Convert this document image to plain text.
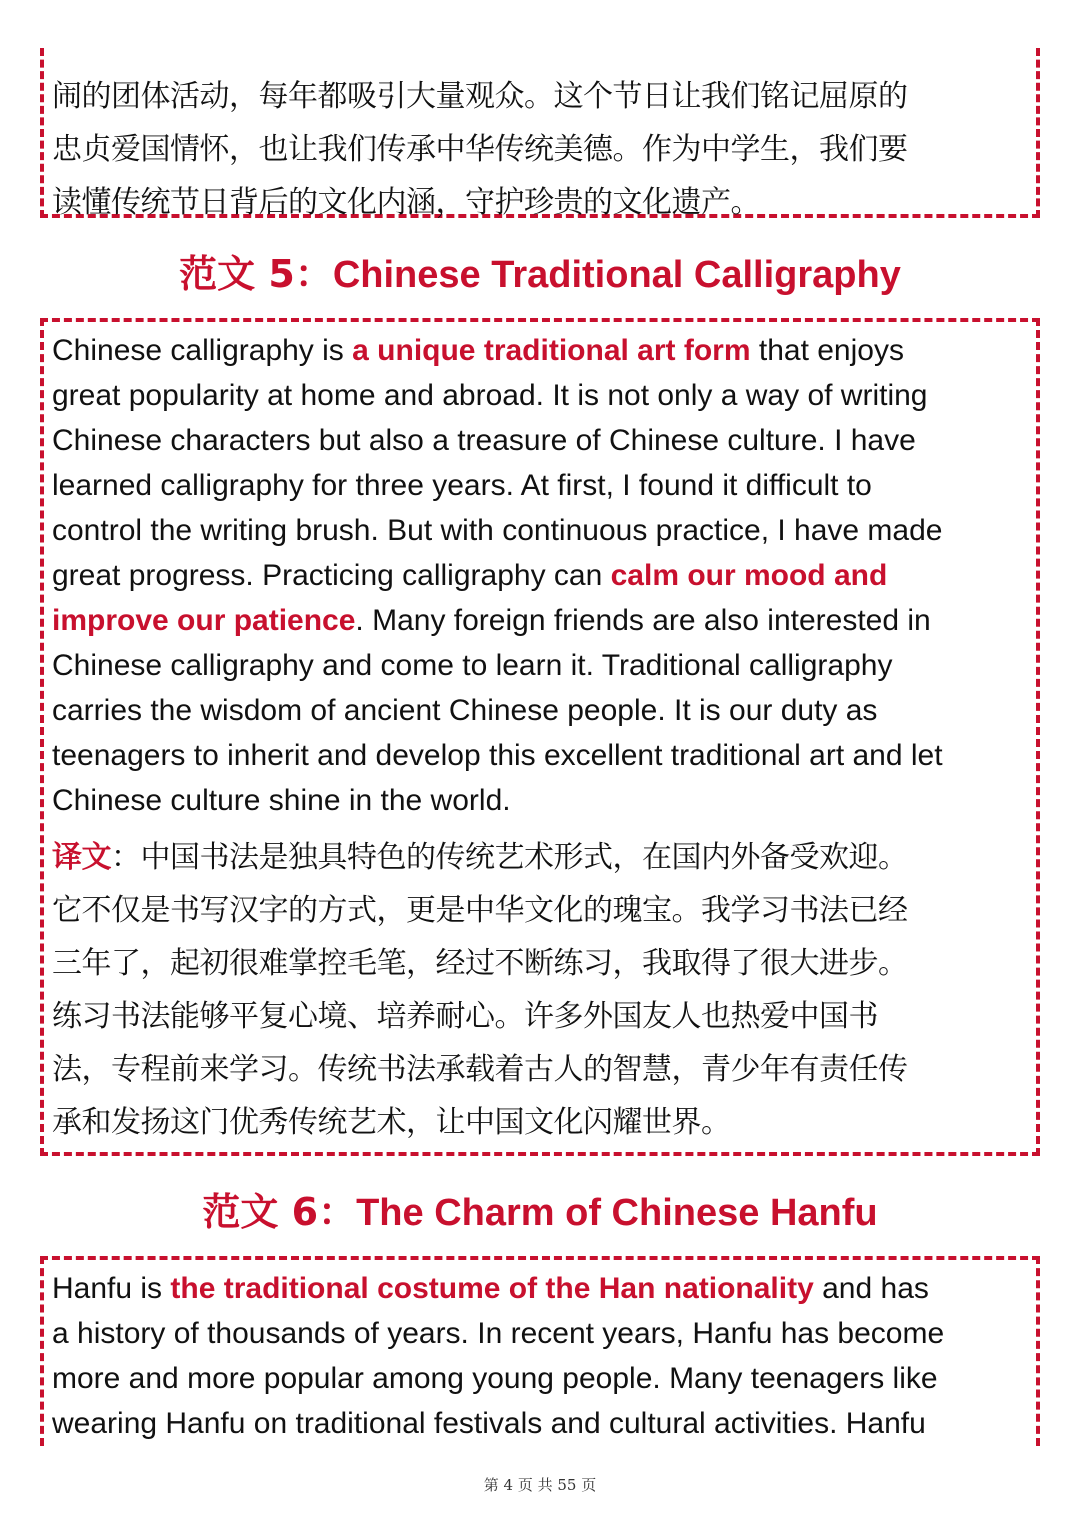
闹的团体活动，每年都吸引大量观众。这个节日让我们铭记屈原的
忠贞爱国情怀，也让我们传承中华传统美德。作为中学生，我们要
读懂传统节日背后的文化内涵，守护珍贵的文化遗产。
范文 5：Chinese Traditional Calligraphy
Chinese calligraphy is a unique traditional art form that enjoys
great popularity at home and abroad. It is not only a way of writing
Chinese characters but also a treasure of Chinese culture. I have
learned calligraphy for three years. At first, I found it difficult to
control the writing brush. But with continuous practice, I have made
great progress. Practicing calligraphy can calm our mood and
improve our patience. Many foreign friends are also interested in
Chinese calligraphy and come to learn it. Traditional calligraphy
carries the wisdom of ancient Chinese people. It is our duty as
teenagers to inherit and develop this excellent traditional art and let
Chinese culture shine in the world.
译文：中国书法是独具特色的传统艺术形式，在国内外备受欢迎。
它不仅是书写汉字的方式，更是中华文化的瑰宝。我学习书法已经
三年了，起初很难掌控毛笔，经过不断练习，我取得了很大进步。
练习书法能够平复心境、培养耐心。许多外国友人也热爱中国书
法，专程前来学习。传统书法承载着古人的智慧，青少年有责任传
承和发扬这门优秀传统艺术，让中国文化闪耀世界。
范文 6：The Charm of Chinese Hanfu
Hanfu is the traditional costume of the Han nationality and has
a history of thousands of years. In recent years, Hanfu has become
more and more popular among young people. Many teenagers like
wearing Hanfu on traditional festivals and cultural activities. Hanfu
第 4 页 共 55 页
